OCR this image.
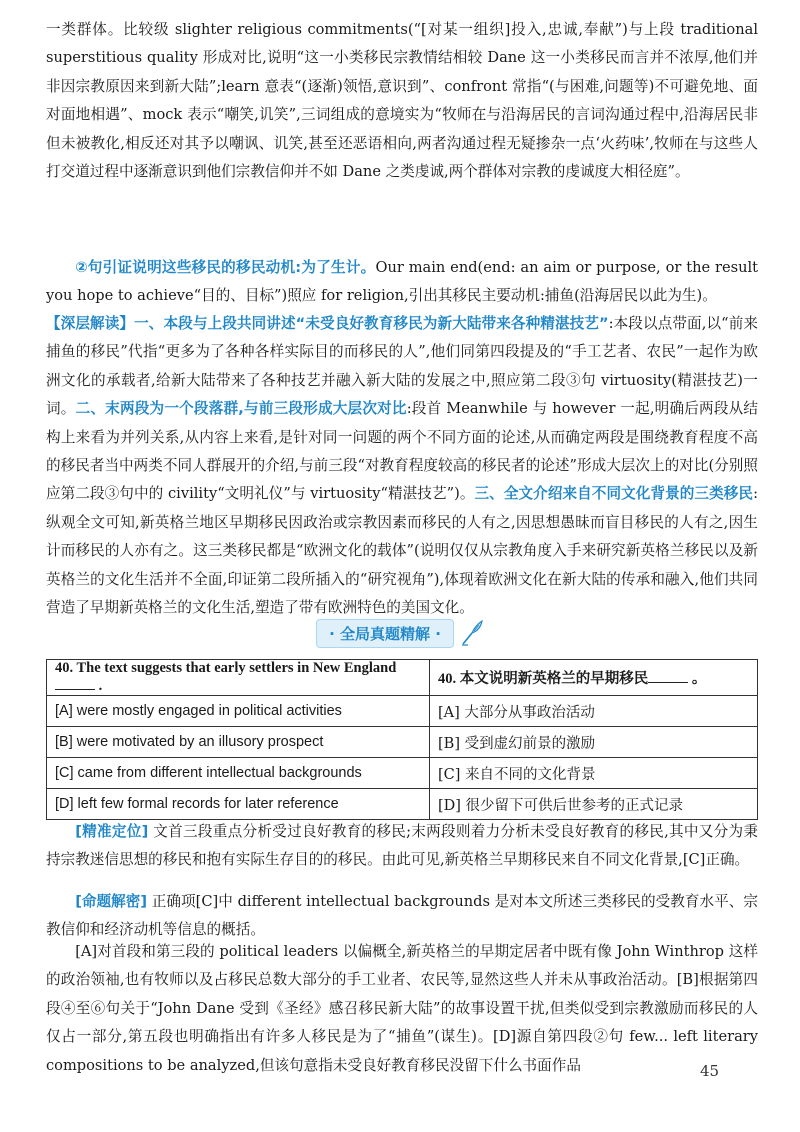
一类群体。比较级 slighter religious commitments(“[对某一组织]投入,忠诚,奉献”)与上段 traditional superstitious quality 形成对比,说明“这一小类移民宗教情结相较 Dane 这一小类移民而言并不浓厚,他们并非因宗教原因来到新大陆”;learn 意表“(逐渐)领悟,意识到”、confront 常指“(与困难,问题等)不可避免地、面对面地相遇”、mock 表示“嘲笑,讥笑”,三词组成的意境实为“牧师在与沿海居民的言词沟通过程中,沿海居民非但未被教化,相反还对其予以嘲讽、讥笑,甚至还恶语相向,两者沟通过程无疑掺杂一点‘火药味’,牧师在与这些人打交道过程中逐渐意识到他们宗教信仰并不如 Dane 之类虔诚,两个群体对宗教的虔诚度大相径庭”。

②句引证说明这些移民的移民动机:为了生计。Our main end(end: an aim or purpose, or the result you hope to achieve“目的、目标”)照应 for religion,引出其移民主要动机:捕鱼(沿海居民以此为生)。

【深层解读】一、本段与上段共同讲述“未受良好教育移民为新大陆带来各种精湛技艺”:本段以点带面,以“前来捕鱼的移民”代指“更多为了各种各样实际目的而移民的人”,他们同第四段提及的“手工艺者、农民”一起作为欧洲文化的承载者,给新大陆带来了各种技艺并融入新大陆的发展之中,照应第二段③句 virtuosity(精湛技艺)一词。二、末两段为一个段落群,与前三段形成大层次对比:段首 Meanwhile 与 however 一起,明确后两段从结构上来看为并列关系,从内容上来看,是针对同一问题的两个不同方面的论述,从而确定两段是围绕教育程度不高的移民者当中两类不同人群展开的介绍,与前三段“对教育程度较高的移民者的论述”形成大层次上的对比(分别照应第二段③句中的 civility“文明礼仪”与 virtuosity“精湛技艺”)。三、全文介绍来自不同文化背景的三类移民:纵观全文可知,新英格兰地区早期移民因政治或宗教因素而移民的人有之,因思想愚昧而盲目移民的人有之,因生计而移民的人亦有之。这三类移民都是“欧洲文化的载体”(说明仅仅从宗教角度入手来研究新英格兰移民以及新英格兰的文化生活并不全面,印证第二段所插入的“研究视角”),体现着欧洲文化在新大陆的传承和融入,他们共同营造了早期新英格兰的文化生活,塑造了带有欧洲特色的美国文化。

· 全局真题精解 ·
40. The text suggests that early settlers in New England  .	40. 本文说明新英格兰的早期移民 。
[A] were mostly engaged in political activities	[A] 大部分从事政治活动
[B] were motivated by an illusory prospect	[B] 受到虚幻前景的激励
[C] came from different intellectual backgrounds	[C] 来自不同的文化背景
[D] left few formal records for later reference	[D] 很少留下可供后世参考的正式记录

[精准定位] 文首三段重点分析受过良好教育的移民;末两段则着力分析未受良好教育的移民,其中又分为秉持宗教迷信思想的移民和抱有实际生存目的的移民。由此可见,新英格兰早期移民来自不同文化背景,[C]正确。

[命题解密] 正确项[C]中 different intellectual backgrounds 是对本文所述三类移民的受教育水平、宗教信仰和经济动机等信息的概括。

[A]对首段和第三段的 political leaders 以偏概全,新英格兰的早期定居者中既有像 John Winthrop 这样的政治领袖,也有牧师以及占移民总数大部分的手工业者、农民等,显然这些人并未从事政治活动。[B]根据第四段④至⑥句关于“John Dane 受到《圣经》感召移民新大陆”的故事设置干扰,但类似受到宗教激励而移民的人仅占一部分,第五段也明确指出有许多人移民是为了“捕鱼”(谋生)。[D]源自第四段②句 few... left literary compositions to be analyzed,但该句意指未受良好教育移民没留下什么书面作品	45
